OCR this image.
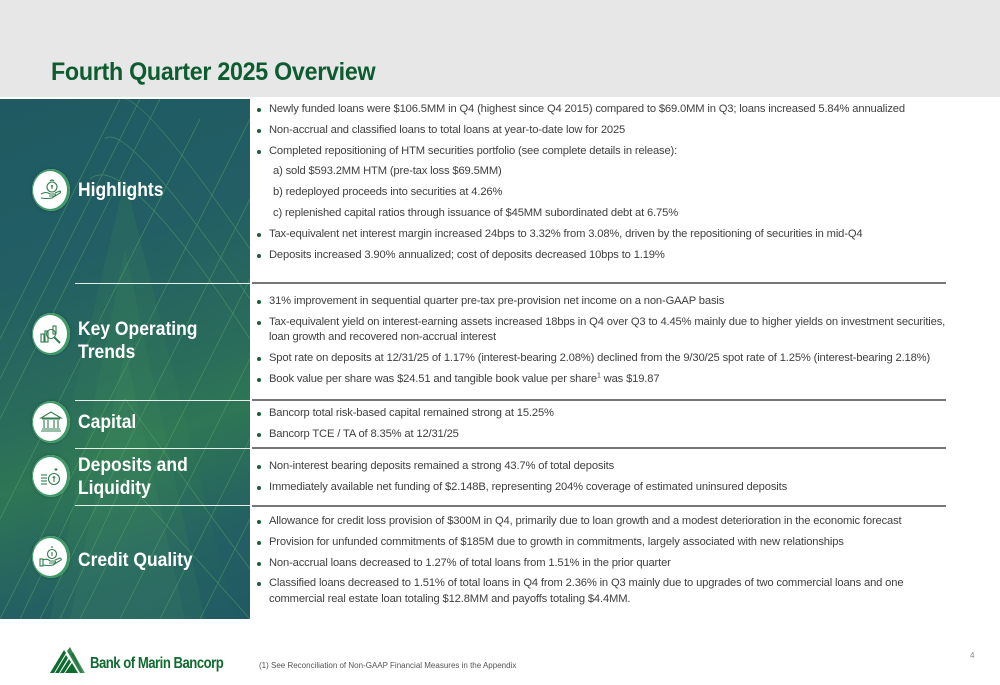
Fourth Quarter 2025 Overview
Highlights
Key Operating
Trends
Capital
Deposits and
Liquidity
Credit Quality
Newly funded loans were $106.5MM in Q4 (highest since Q4 2015) compared to $69.0MM in Q3; loans increased 5.84% annualized
Non-accrual and classified loans to total loans at year-to-date low for 2025
Completed repositioning of HTM securities portfolio (see complete details in release):
a) sold $593.2MM HTM (pre-tax loss $69.5MM)
b) redeployed proceeds into securities at 4.26%
c) replenished capital ratios through issuance of $45MM subordinated debt at 6.75%
Tax-equivalent net interest margin increased 24bps to 3.32% from 3.08%, driven by the repositioning of securities in mid-Q4
Deposits increased 3.90% annualized; cost of deposits decreased 10bps to 1.19%
31% improvement in sequential quarter pre-tax pre-provision net income on a non-GAAP basis
Tax-equivalent yield on interest-earning assets increased 18bps in Q4 over Q3 to 4.45% mainly due to higher yields on investment securities, loan growth and recovered non-accrual interest
Spot rate on deposits at 12/31/25 of 1.17% (interest-bearing 2.08%) declined from the 9/30/25 spot rate of 1.25% (interest-bearing 2.18%)
Book value per share was $24.51 and tangible book value per share$^1$ was $19.87
Bancorp total risk-based capital remained strong at 15.25%
Bancorp TCE / TA of 8.35% at 12/31/25
Non-interest bearing deposits remained a strong 43.7% of total deposits
Immediately available net funding of $2.148B, representing 204% coverage of estimated uninsured deposits
Allowance for credit loss provision of $300M in Q4, primarily due to loan growth and a modest deterioration in the economic forecast
Provision for unfunded commitments of $185M due to growth in commitments, largely associated with new relationships
Non-accrual loans decreased to 1.27% of total loans from 1.51% in the prior quarter
Classified loans decreased to 1.51% of total loans in Q4 from 2.36% in Q3 mainly due to upgrades of two commercial loans and one commercial real estate loan totaling $12.8MM and payoffs totaling $4.4MM.
Bank of Marin Bancorp	(1) See Reconciliation of Non-GAAP Financial Measures in the Appendix
4
